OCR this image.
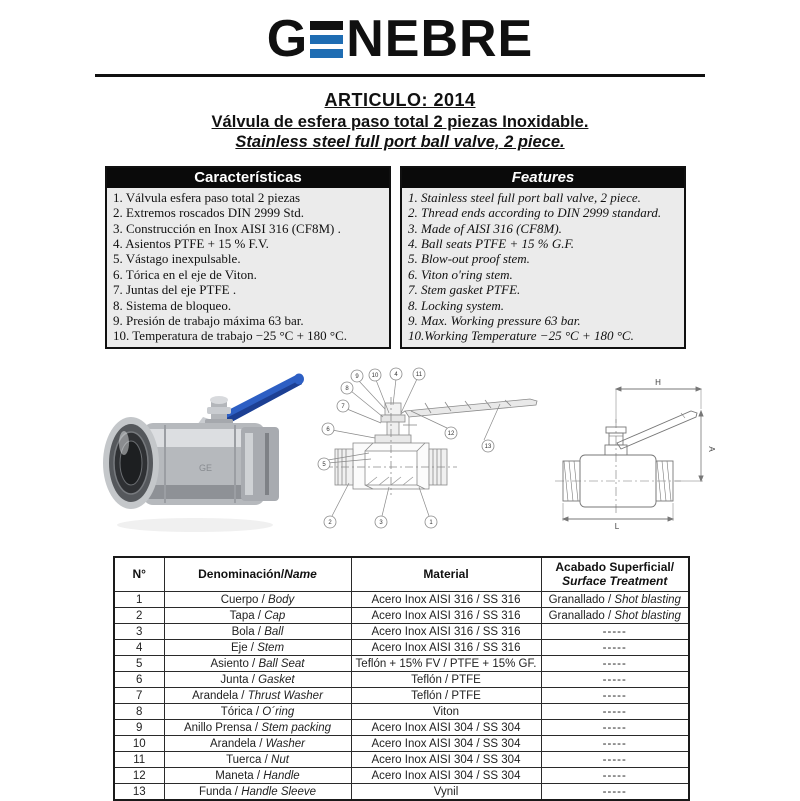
G NEBRE
ARTICULO: 2014
Válvula de esfera paso total 2 piezas Inoxidable.
Stainless steel full port ball valve, 2 piece.
Características
1. Válvula esfera paso total 2 piezas
2. Extremos roscados DIN 2999 Std.
3. Construcción en Inox AISI 316 (CF8M) .
4. Asientos PTFE + 15 % F.V.
5. Vástago inexpulsable.
6. Tórica en el eje de Viton.
7. Juntas del eje PTFE .
8. Sistema de bloqueo.
9. Presión de trabajo máxima 63 bar.
10. Temperatura de trabajo −25 °C + 180 °C.
Features
1. Stainless steel full port ball valve, 2 piece.
2. Thread ends according to DIN 2999 standard.
3. Made of AISI 316 (CF8M).
4. Ball seats PTFE + 15 % G.F.
5. Blow-out proof stem.
6. Viton o'ring stem.
7. Stem gasket PTFE.
8. Locking system.
9. Max. Working pressure 63 bar.
10.Working Temperature −25 °C + 180 °C.
GE
9 10	4	11
8
7
6
5
12
13
2	3	1
H
A
L
N°	Denominación/Name	Material	Acabado Superficial/
Surface Treatment
1	Cuerpo / Body	Acero Inox AISI 316 / SS 316	Granallado / Shot blasting
2	Tapa / Cap	Acero Inox AISI 316 / SS 316	Granallado / Shot blasting
3	Bola / Ball	Acero Inox AISI 316 / SS 316	-----
4	Eje / Stem	Acero Inox AISI 316 / SS 316	-----
5	Asiento / Ball Seat	Teflón + 15% FV / PTFE + 15% GF.	-----
6	Junta / Gasket	Teflón / PTFE	-----
7	Arandela / Thrust Washer	Teflón / PTFE	-----
8	Tórica / O´ring	Viton	-----
9	Anillo Prensa / Stem packing	Acero Inox AISI 304 / SS 304	-----
10	Arandela / Washer	Acero Inox AISI 304 / SS 304	-----
11	Tuerca / Nut	Acero Inox AISI 304 / SS 304	-----
12	Maneta / Handle	Acero Inox AISI 304 / SS 304	-----
13	Funda / Handle Sleeve	Vynil	-----
